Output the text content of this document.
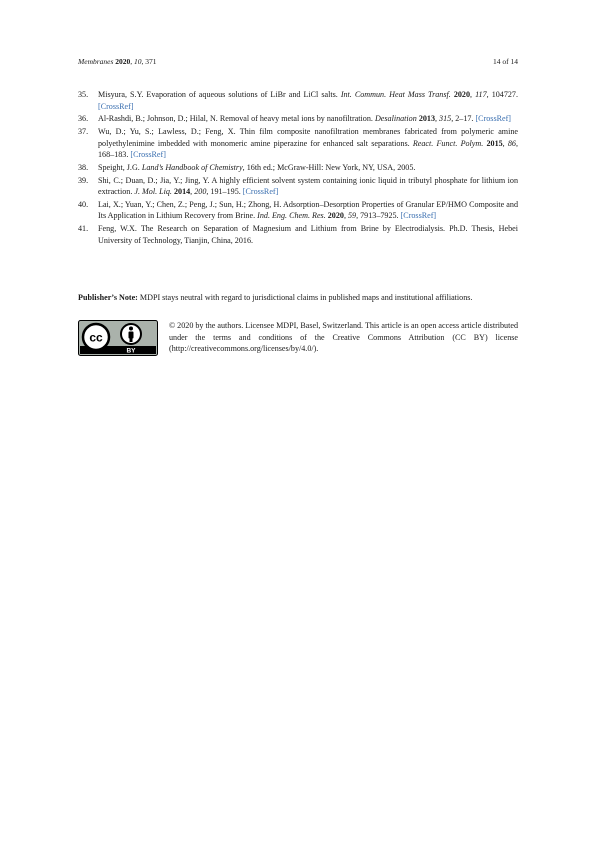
Membranes 2020, 10, 371	14 of 14
35.	Misyura, S.Y. Evaporation of aqueous solutions of LiBr and LiCl salts. Int. Commun. Heat Mass Transf. 2020, 117, 104727. [CrossRef]
36.	Al-Rashdi, B.; Johnson, D.; Hilal, N. Removal of heavy metal ions by nanofiltration. Desalination 2013, 315, 2–17. [CrossRef]
37.	Wu, D.; Yu, S.; Lawless, D.; Feng, X. Thin film composite nanofiltration membranes fabricated from polymeric amine polyethylenimine imbedded with monomeric amine piperazine for enhanced salt separations. React. Funct. Polym. 2015, 86, 168–183. [CrossRef]
38.	Speight, J.G. Land’s Handbook of Chemistry, 16th ed.; McGraw-Hill: New York, NY, USA, 2005.
39.	Shi, C.; Duan, D.; Jia, Y.; Jing, Y. A highly efficient solvent system containing ionic liquid in tributyl phosphate for lithium ion extraction. J. Mol. Liq. 2014, 200, 191–195. [CrossRef]
40.	Lai, X.; Yuan, Y.; Chen, Z.; Peng, J.; Sun, H.; Zhong, H. Adsorption–Desorption Properties of Granular EP/HMO Composite and Its Application in Lithium Recovery from Brine. Ind. Eng. Chem. Res. 2020, 59, 7913–7925. [CrossRef]
41.	Feng, W.X. The Research on Separation of Magnesium and Lithium from Brine by Electrodialysis. Ph.D. Thesis, Hebei University of Technology, Tianjin, China, 2016.
Publisher’s Note: MDPI stays neutral with regard to jurisdictional claims in published maps and institutional affiliations.
cc
BY
© 2020 by the authors. Licensee MDPI, Basel, Switzerland. This article is an open access article distributed under the terms and conditions of the Creative Commons Attribution (CC BY) license (http://creativecommons.org/licenses/by/4.0/).
